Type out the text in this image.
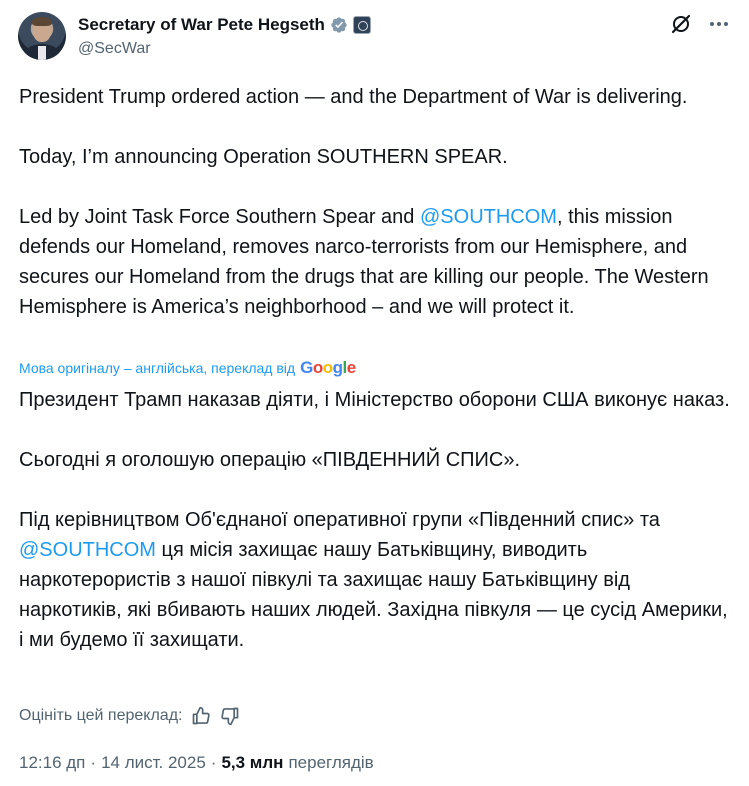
Secretary of War Pete Hegseth
@SecWar
President Trump ordered action — and the Department of War is delivering.

Today, I’m announcing Operation SOUTHERN SPEAR.

Led by Joint Task Force Southern Spear and @SOUTHCOM, this mission defends our Homeland, removes narco-terrorists from our Hemisphere, and secures our Homeland from the drugs that are killing our people. The Western Hemisphere is America’s neighborhood – and we will protect it.
Мова оригіналу – англійська, переклад від Google
Президент Трамп наказав діяти, і Міністерство оборони США виконує наказ.

Сьогодні я оголошую операцію «ПІВДЕННИЙ СПИС».

Під керівництвом Об'єднаної оперативної групи «Південний спис» та @SOUTHCOM ця місія захищає нашу Батьківщину, виводить наркотерористів з нашої півкулі та захищає нашу Батьківщину від наркотиків, які вбивають наших людей. Західна півкуля — це сусід Америки, і ми будемо її захищати.
Оцініть цей переклад:
12:16 дп · 14 лист. 2025 · 5,3 млн переглядів
